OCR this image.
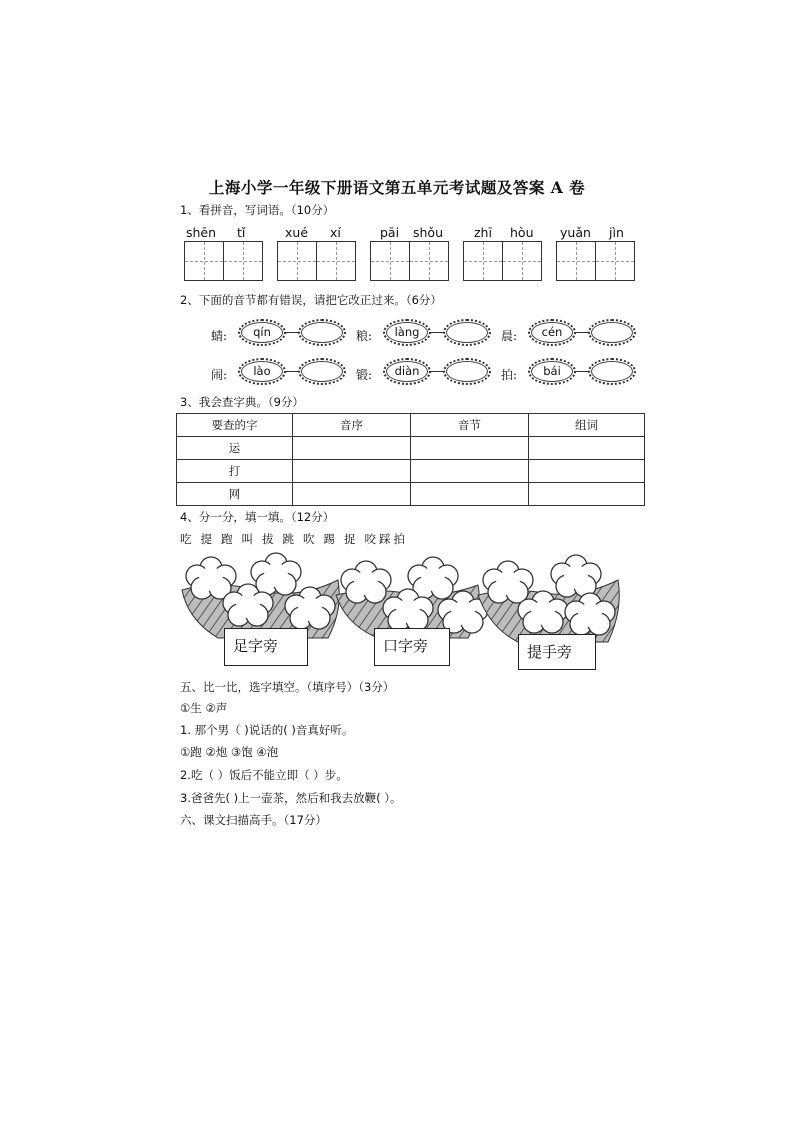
上海小学一年级下册语文第五单元考试题及答案 A 卷
1、看拼音，写词语。（10分）
shēn tǐ	xué xí	pāi shǒu zhī hòu yuǎn jìn
2、下面的音节都有错误，请把它改正过来。（6分）
蜻:	qín	粮:	làng	晨:	cén
闹:	lào	锻:	diàn	拍:	bái
3、我会查字典。（9分）
要查的字	音序	音节	组词
运			
打			
网			
4、分一分，填一填。（12分）
吃 提 跑 叫 拔 跳 吹 踢 捉 咬 踩 拍
足字旁	口字旁	提手旁
五、比一比，选字填空。（填序号）（3分）
①生 ②声
1. 那个男（ )说话的( )音真好听。
①跑 ②炮 ③饱 ④泡
2.吃（ ）饭后不能立即（ ）步。
3.爸爸先( )上一壶茶，然后和我去放鞭( ）。
六、课文扫描高手。（17分）
